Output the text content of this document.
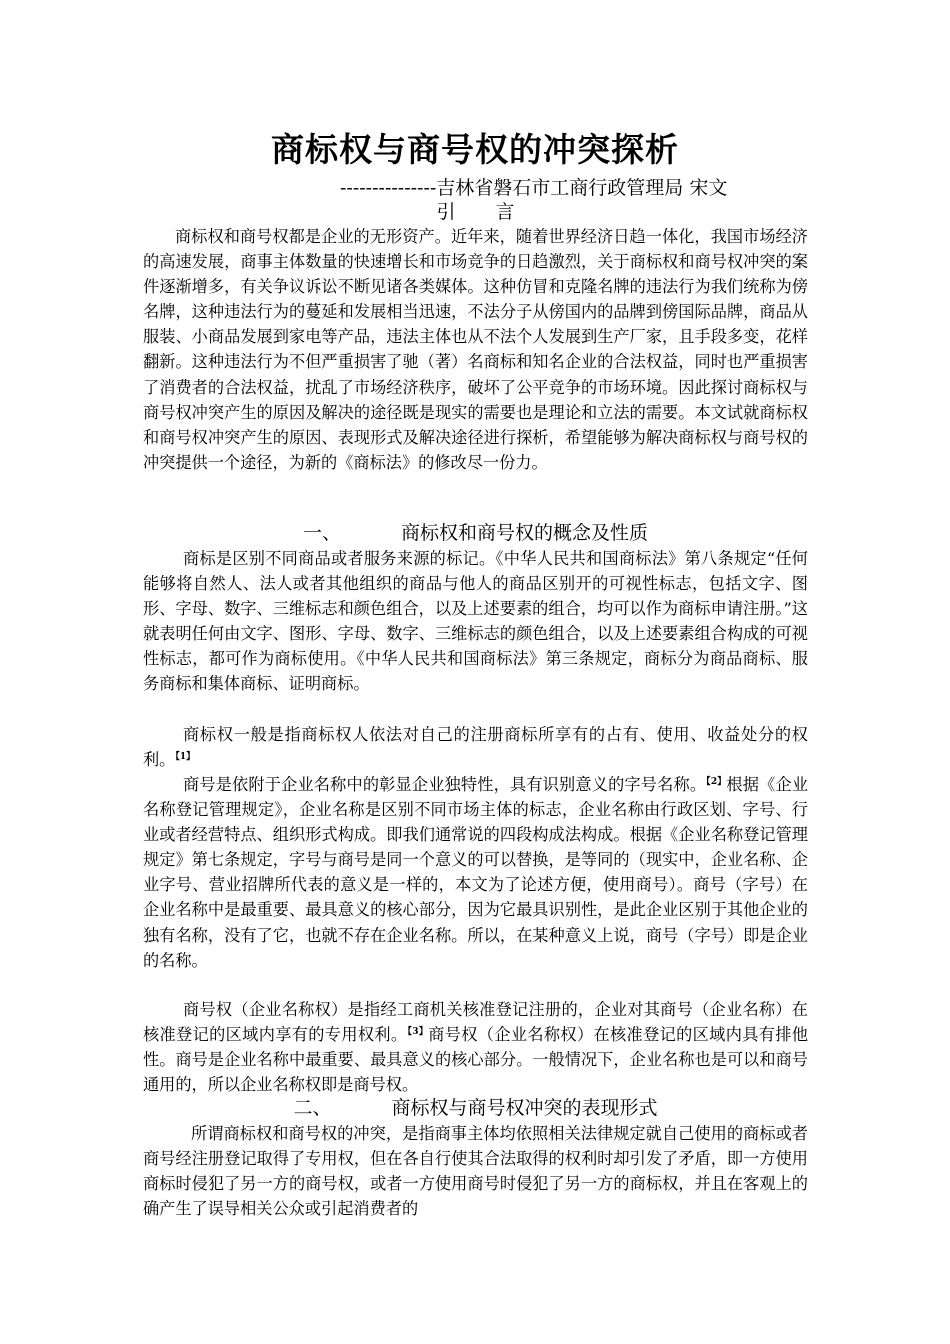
商标权与商号权的冲突探析
---------------吉林省磐石市工商行政管理局 宋文
引言

商标权和商号权都是企业的无形资产。近年来，随着世界经济日趋一体化，我国市场经济的高速发展，商事主体数量的快速增长和市场竞争的日趋激烈，关于商标权和商号权冲突的案件逐渐增多，有关争议诉讼不断见诸各类媒体。这种仿冒和克隆名牌的违法行为我们统称为傍名牌，这种违法行为的蔓延和发展相当迅速，不法分子从傍国内的品牌到傍国际品牌，商品从服装、小商品发展到家电等产品，违法主体也从不法个人发展到生产厂家，且手段多变，花样翻新。这种违法行为不但严重损害了驰（著）名商标和知名企业的合法权益，同时也严重损害了消费者的合法权益，扰乱了市场经济秩序，破坏了公平竞争的市场环境。因此探讨商标权与商号权冲突产生的原因及解决的途径既是现实的需要也是理论和立法的需要。本文试就商标权和商号权冲突产生的原因、表现形式及解决途径进行探析，希望能够为解决商标权与商号权的冲突提供一个途径，为新的《商标法》的修改尽一份力。

一、	商标权和商号权的概念及性质

商标是区别不同商品或者服务来源的标记。《中华人民共和国商标法》第八条规定“任何能够将自然人、法人或者其他组织的商品与他人的商品区别开的可视性标志，包括文字、图形、字母、数字、三维标志和颜色组合，以及上述要素的组合，均可以作为商标申请注册。”这就表明任何由文字、图形、字母、数字、三维标志的颜色组合，以及上述要素组合构成的可视性标志，都可作为商标使用。《中华人民共和国商标法》第三条规定，商标分为商品商标、服务商标和集体商标、证明商标。

商标权一般是指商标权人依法对自己的注册商标所享有的占有、使用、收益处分的权利。$^{【1】}$

商号是依附于企业名称中的彰显企业独特性，具有识别意义的字号名称。$^{【2】}$根据《企业名称登记管理规定》，企业名称是区别不同市场主体的标志，企业名称由行政区划、字号、行业或者经营特点、组织形式构成。即我们通常说的四段构成法构成。根据《企业名称登记管理规定》第七条规定，字号与商号是同一个意义的可以替换，是等同的（现实中，企业名称、企业字号、营业招牌所代表的意义是一样的，本文为了论述方便，使用商号）。商号（字号）在企业名称中是最重要、最具意义的核心部分，因为它最具识别性，是此企业区别于其他企业的独有名称，没有了它，也就不存在企业名称。所以，在某种意义上说，商号（字号）即是企业的名称。

商号权（企业名称权）是指经工商机关核准登记注册的，企业对其商号（企业名称）在核准登记的区域内享有的专用权利。$^{【3】}$商号权（企业名称权）在核准登记的区域内具有排他性。商号是企业名称中最重要、最具意义的核心部分。一般情况下，企业名称也是可以和商号通用的，所以企业名称权即是商号权。

二、	商标权与商号权冲突的表现形式

所谓商标权和商号权的冲突，是指商事主体均依照相关法律规定就自己使用的商标或者商号经注册登记取得了专用权，但在各自行使其合法取得的权利时却引发了矛盾，即一方使用商标时侵犯了另一方的商号权，或者一方使用商号时侵犯了另一方的商标权，并且在客观上的确产生了误导相关公众或引起消费者的
